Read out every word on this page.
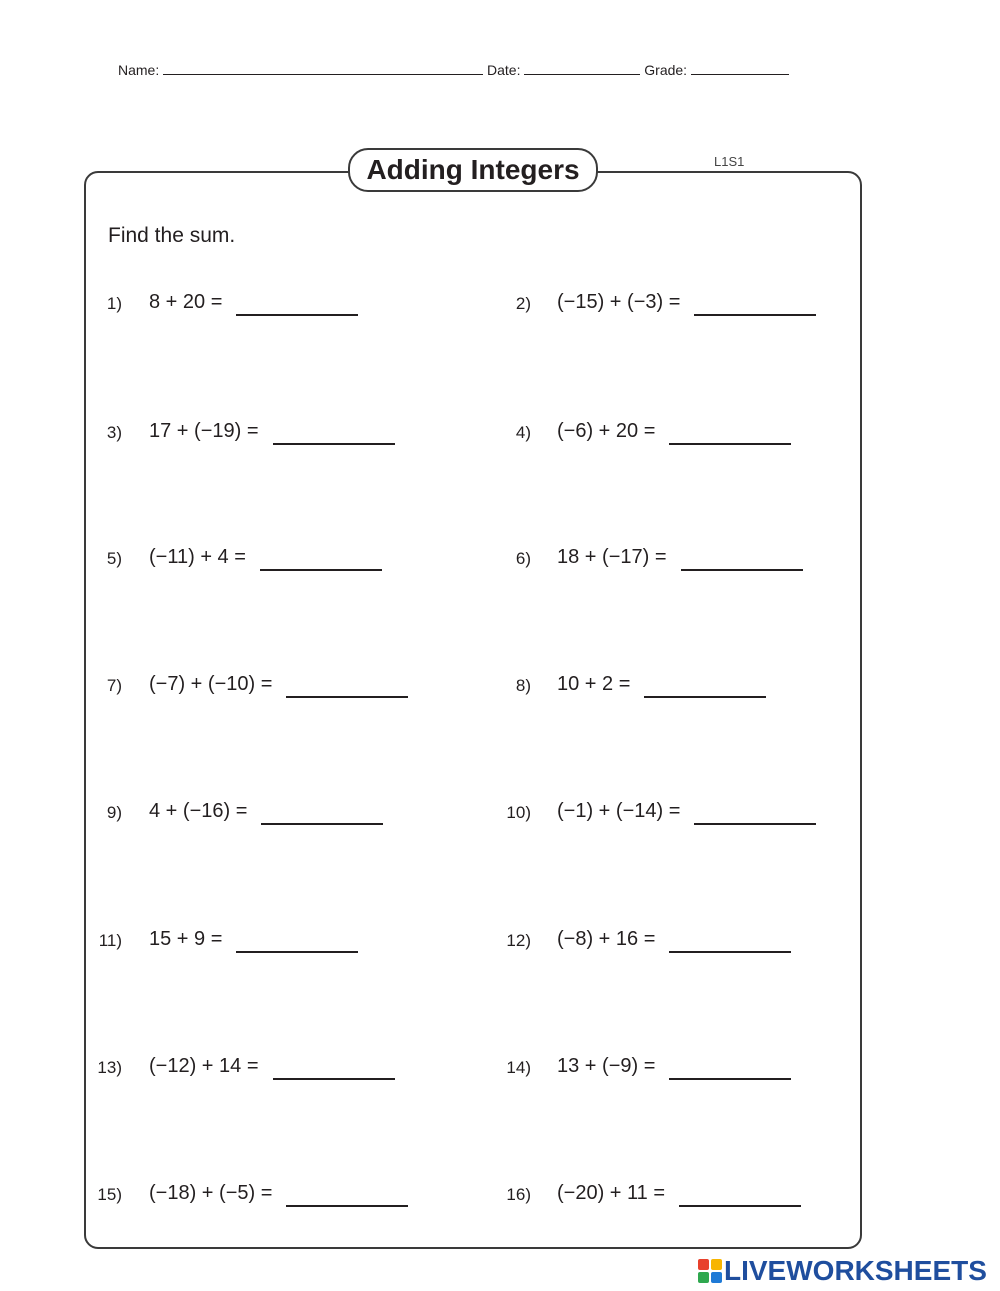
Name:	Date:	Grade:
Adding Integers	L1S1
Find the sum.
1) 8 + 20 =	2) (−15) + (−3) =
3) 17 + (−19) =	4) (−6) + 20 =
5) (−11) + 4 =	6) 18 + (−17) =
7) (−7) + (−10) =	8) 10 + 2 =
9) 4 + (−16) =	10) (−1) + (−14) =
11) 15 + 9 =	12) (−8) + 16 =
13) (−12) + 14 =	14) 13 + (−9) =
15) (−18) + (−5) =	16) (−20) + 11 =
LIVEWORKSHEETS
